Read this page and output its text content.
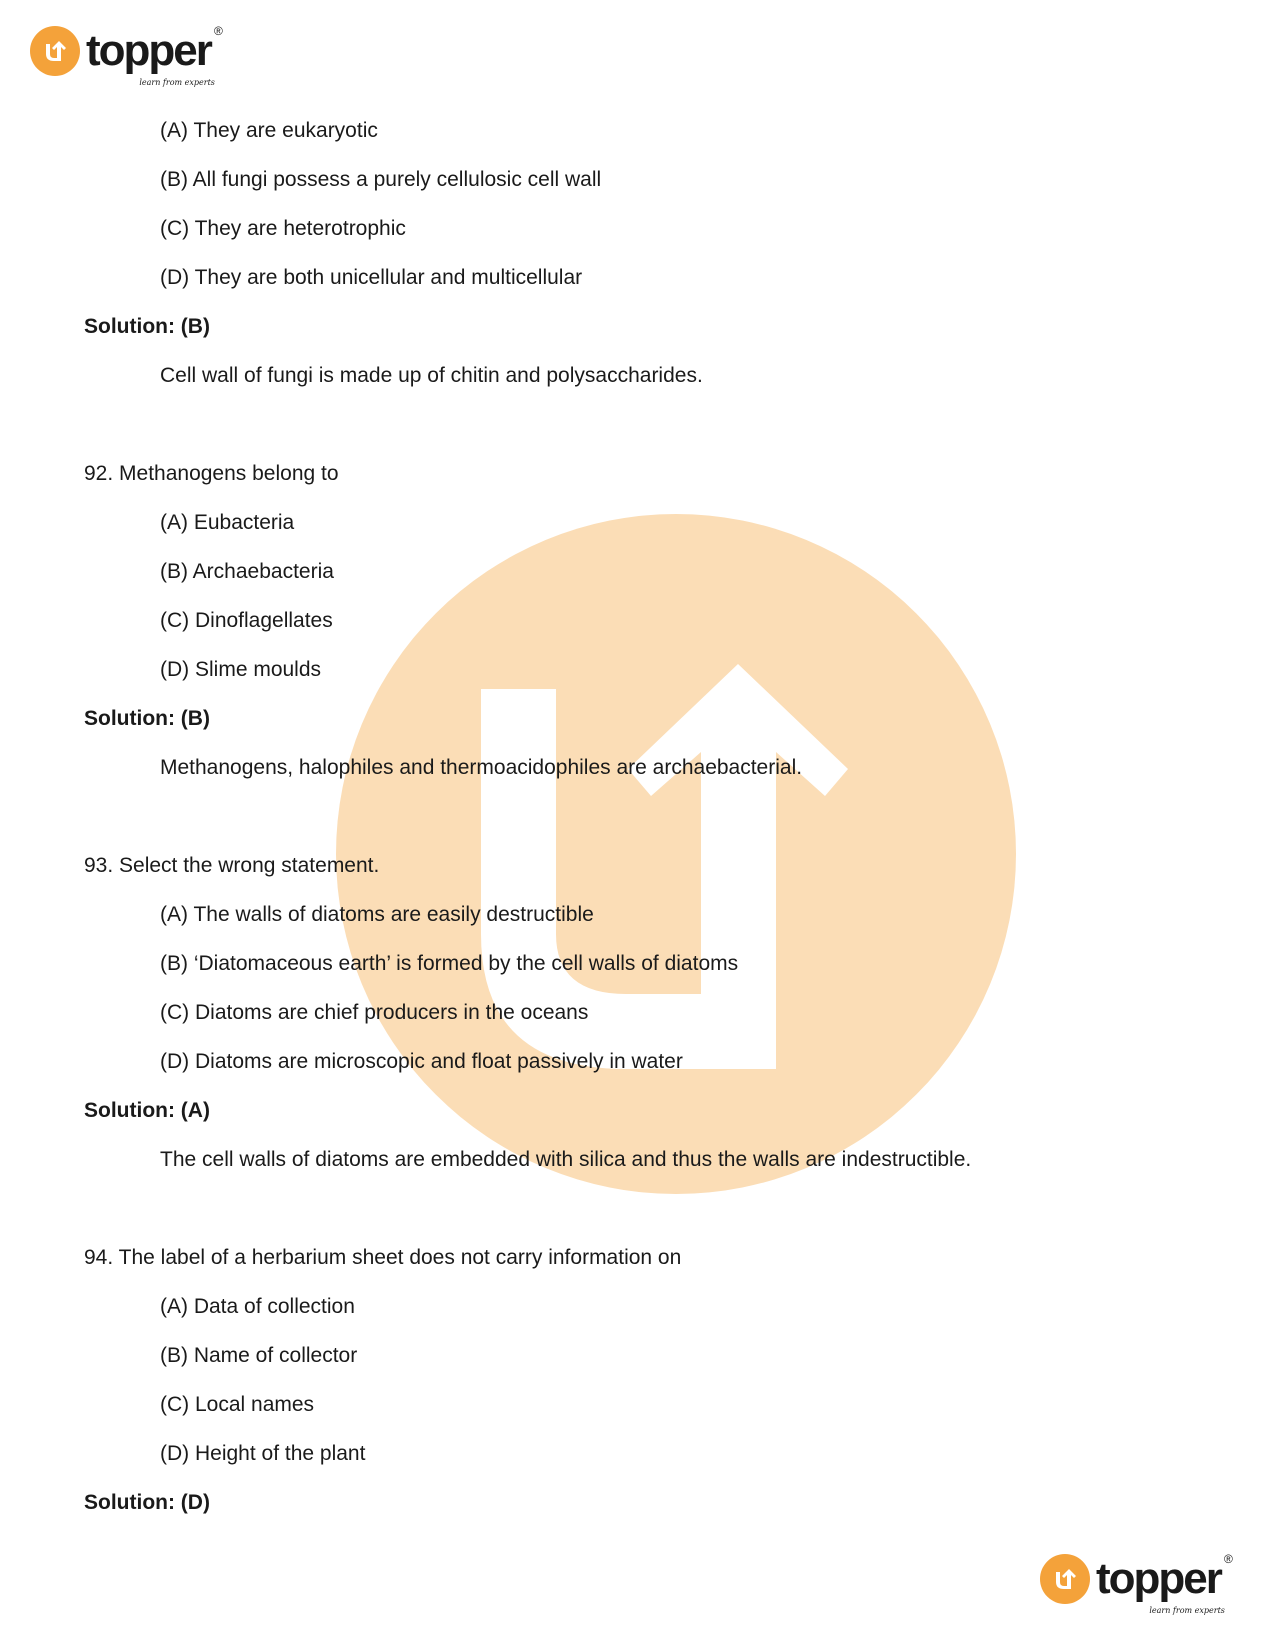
topper ®
learn from experts
(A) They are eukaryotic
(B) All fungi possess a purely cellulosic cell wall
(C) They are heterotrophic
(D) They are both unicellular and multicellular
Solution: (B)
Cell wall of fungi is made up of chitin and polysaccharides.
92. Methanogens belong to
(A) Eubacteria
(B) Archaebacteria
(C) Dinoflagellates
(D) Slime moulds
Solution: (B)
Methanogens, halophiles and thermoacidophiles are archaebacterial.
93. Select the wrong statement.
(A) The walls of diatoms are easily destructible
(B) ‘Diatomaceous earth’ is formed by the cell walls of diatoms
(C) Diatoms are chief producers in the oceans
(D) Diatoms are microscopic and float passively in water
Solution: (A)
The cell walls of diatoms are embedded with silica and thus the walls are indestructible.
94. The label of a herbarium sheet does not carry information on
(A) Data of collection
(B) Name of collector
(C) Local names
(D) Height of the plant
Solution: (D)
topper ®
learn from experts
